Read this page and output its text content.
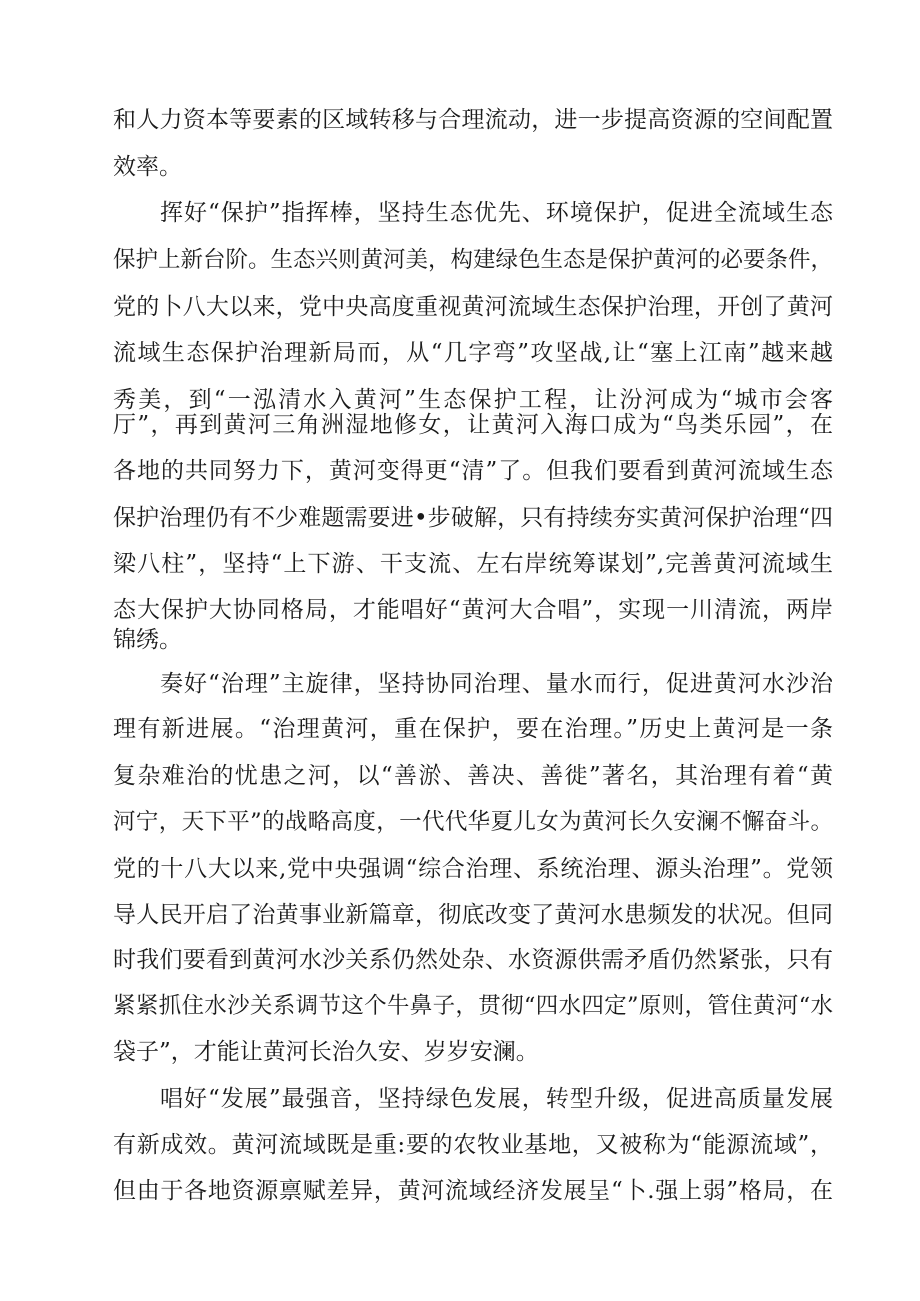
和人力资本等要素的区域转移与合理流动，进一步提高资源的空间配置
效率。
挥好“保护”指挥棒，坚持生态优先、环境保护，促进全流域生态
保护上新台阶。生态兴则黄河美，构建绿色生态是保护黄河的必要条件，
党的卜八大以来，党中央高度重视黄河流域生态保护治理，开创了黄河
流域生态保护治理新局而，从“几字弯”攻坚战,让“塞上江南”越来越
秀美，到“一泓清水入黄河”生态保护工程，让汾河成为“城市会客
厅”，再到黄河三角洲湿地修女，让黄河入海口成为“鸟类乐园”，在
各地的共同努力下，黄河变得更“清”了。但我们要看到黄河流域生态
保护治理仍有不少难题需要进•步破解，只有持续夯实黄河保护治理“四
梁八柱”，坚持“上下游、干支流、左右岸统筹谋划”,完善黄河流域生
态大保护大协同格局，才能唱好“黄河大合唱”，实现一川清流，两岸
锦绣。
奏好“治理”主旋律，坚持协同治理、量水而行，促进黄河水沙治
理有新进展。“治理黄河，重在保护，要在治理。”历史上黄河是一条
复杂难治的忧患之河，以“善淤、善决、善徙”著名，其治理有着“黄
河宁，天下平”的战略高度，一代代华夏儿女为黄河长久安澜不懈奋斗。
党的十八大以来,党中央强调“综合治理、系统治理、源头治理”。党领
导人民开启了治黄事业新篇章，彻底改变了黄河水患频发的状况。但同
时我们要看到黄河水沙关系仍然处杂、水资源供需矛盾仍然紧张，只有
紧紧抓住水沙关系调节这个牛鼻子，贯彻“四水四定”原则，管住黄河“水
袋子”，才能让黄河长治久安、岁岁安澜。
唱好“发展”最强音，坚持绿色发展，转型升级，促进高质量发展
有新成效。黄河流域既是重:要的农牧业基地，又被称为“能源流域”，
但由于各地资源禀赋差异，黄河流域经济发展呈“卜.强上弱”格局，在
